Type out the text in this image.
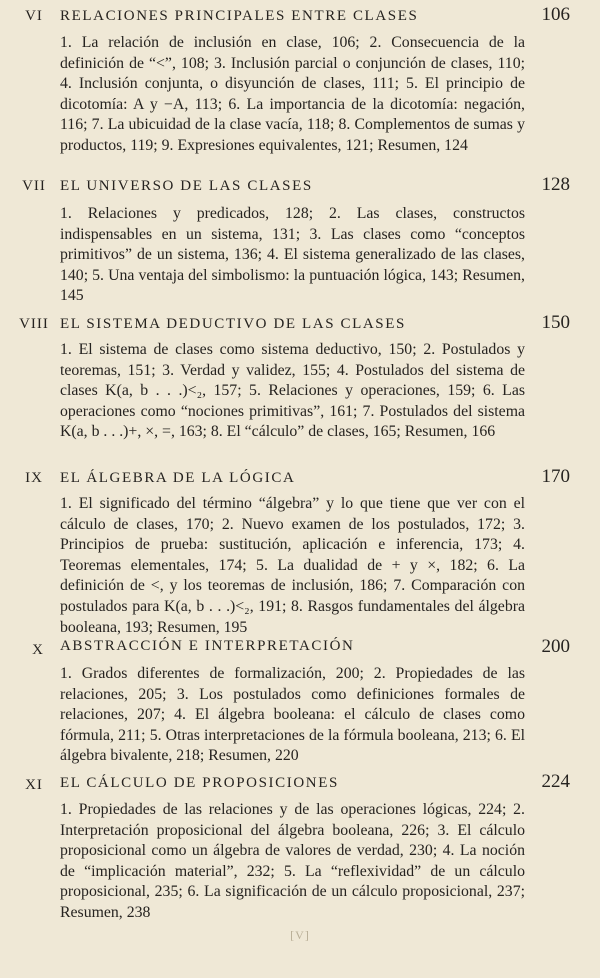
VI	RELACIONES PRINCIPALES ENTRE CLASES	106
1. La relación de inclusión en clase, 106; 2. Consecuencia de la definición de “<”, 108; 3. Inclusión parcial o conjunción de clases, 110; 4. Inclusión conjunta, o disyunción de clases, 111; 5. El principio de dicotomía: A y −A, 113; 6. La importancia de la dicotomía: negación, 116; 7. La ubicuidad de la clase vacía, 118; 8. Complementos de sumas y productos, 119; 9. Expresiones equivalentes, 121; Resumen, 124
VII EL UNIVERSO DE LAS CLASES	128
1. Relaciones y predicados, 128; 2. Las clases, constructos indispensables en un sistema, 131; 3. Las clases como “conceptos primitivos” de un sistema, 136; 4. El sistema generalizado de las clases, 140; 5. Una ventaja del simbolismo: la puntuación lógica, 143; Resumen, 145
VIII EL SISTEMA DEDUCTIVO DE LAS CLASES	150
1. El sistema de clases como sistema deductivo, 150; 2. Postulados y teoremas, 151; 3. Verdad y validez, 155; 4. Postulados del sistema de clases K(a, b . . .)<₂, 157; 5. Relaciones y operaciones, 159; 6. Las operaciones como “nociones primitivas”, 161; 7. Postulados del sistema K(a, b . . .)+, ×, =, 163; 8. El “cálculo” de clases, 165; Resumen, 166
IX	EL ÁLGEBRA DE LA LÓGICA	170
1. El significado del término “álgebra” y lo que tiene que ver con el cálculo de clases, 170; 2. Nuevo examen de los postulados, 172; 3. Principios de prueba: sustitución, aplicación e inferencia, 173; 4. Teoremas elementales, 174; 5. La dualidad de + y ×, 182; 6. La definición de <, y los teoremas de inclusión, 186; 7. Comparación con postulados para K(a, b . . .)<₂, 191; 8. Rasgos fundamentales del álgebra booleana, 193; Resumen, 195
X	ABSTRACCIÓN E INTERPRETACIÓN	200
1. Grados diferentes de formalización, 200; 2. Propiedades de las relaciones, 205; 3. Los postulados como definiciones formales de relaciones, 207; 4. El álgebra booleana: el cálculo de clases como fórmula, 211; 5. Otras interpretaciones de la fórmula booleana, 213; 6. El álgebra bivalente, 218; Resumen, 220
XI	EL CÁLCULO DE PROPOSICIONES	224
1. Propiedades de las relaciones y de las operaciones lógicas, 224; 2. Interpretación proposicional del álgebra booleana, 226; 3. El cálculo proposicional como un álgebra de valores de verdad, 230; 4. La noción de “implicación material”, 232; 5. La “reflexividad” de un cálculo proposicional, 235; 6. La significación de un cálculo proposicional, 237; Resumen, 238
[V]
